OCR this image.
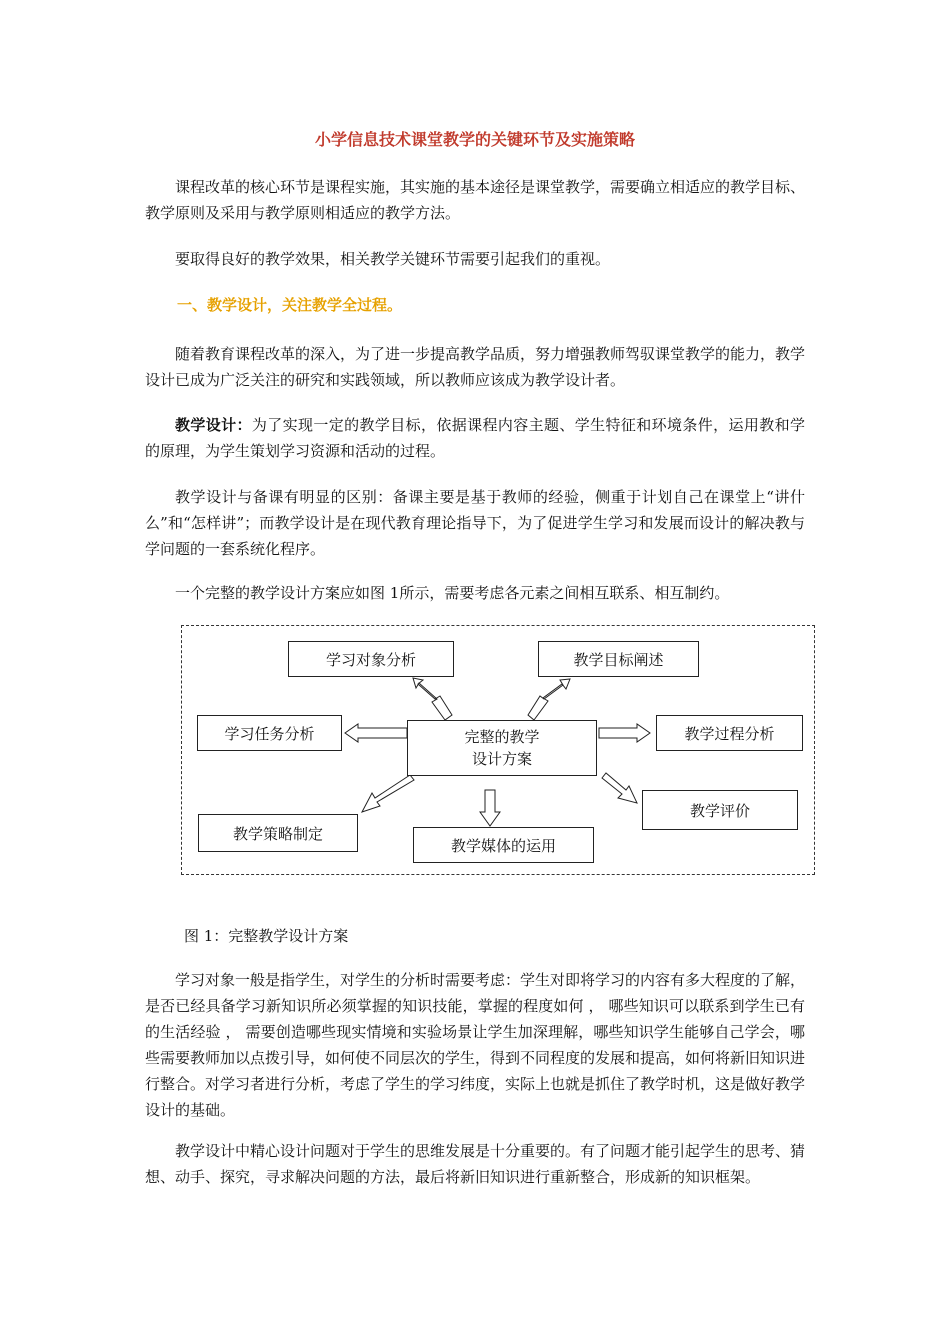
小学信息技术课堂教学的关键环节及实施策略
课程改革的核心环节是课程实施，其实施的基本途径是课堂教学，需要确立相适应的教学目标、教学原则及采用与教学原则相适应的教学方法。
要取得良好的教学效果，相关教学关键环节需要引起我们的重视。
一、教学设计，关注教学全过程。
随着教育课程改革的深入，为了进一步提高教学品质，努力增强教师驾驭课堂教学的能力，教学设计已成为广泛关注的研究和实践领域，所以教师应该成为教学设计者。
教学设计：为了实现一定的教学目标，依据课程内容主题、学生特征和环境条件，运用教和学的原理，为学生策划学习资源和活动的过程。
教学设计与备课有明显的区别：备课主要是基于教师的经验，侧重于计划自己在课堂上“讲什么”和“怎样讲”；而教学设计是在现代教育理论指导下，为了促进学生学习和发展而设计的解决教与学问题的一套系统化程序。
一个完整的教学设计方案应如图 1所示，需要考虑各元素之间相互联系、相互制约。
学习对象分析	教学目标阐述
学习任务分析	完整的教学
设计方案
教学过程分析
教学评价
教学策略制定
教学媒体的运用
图 1：完整教学设计方案
学习对象一般是指学生，对学生的分析时需要考虑：学生对即将学习的内容有多大程度的了解，是否已经具备学习新知识所必须掌握的知识技能，掌握的程度如何 ， 哪些知识可以联系到学生已有的生活经验 ， 需要创造哪些现实情境和实验场景让学生加深理解，哪些知识学生能够自己学会，哪些需要教师加以点拨引导，如何使不同层次的学生，得到不同程度的发展和提高，如何将新旧知识进行整合。对学习者进行分析，考虑了学生的学习纬度，实际上也就是抓住了教学时机，这是做好教学设计的基础。
教学设计中精心设计问题对于学生的思维发展是十分重要的。有了问题才能引起学生的思考、猜想、动手、探究，寻求解决问题的方法，最后将新旧知识进行重新整合，形成新的知识框架。
